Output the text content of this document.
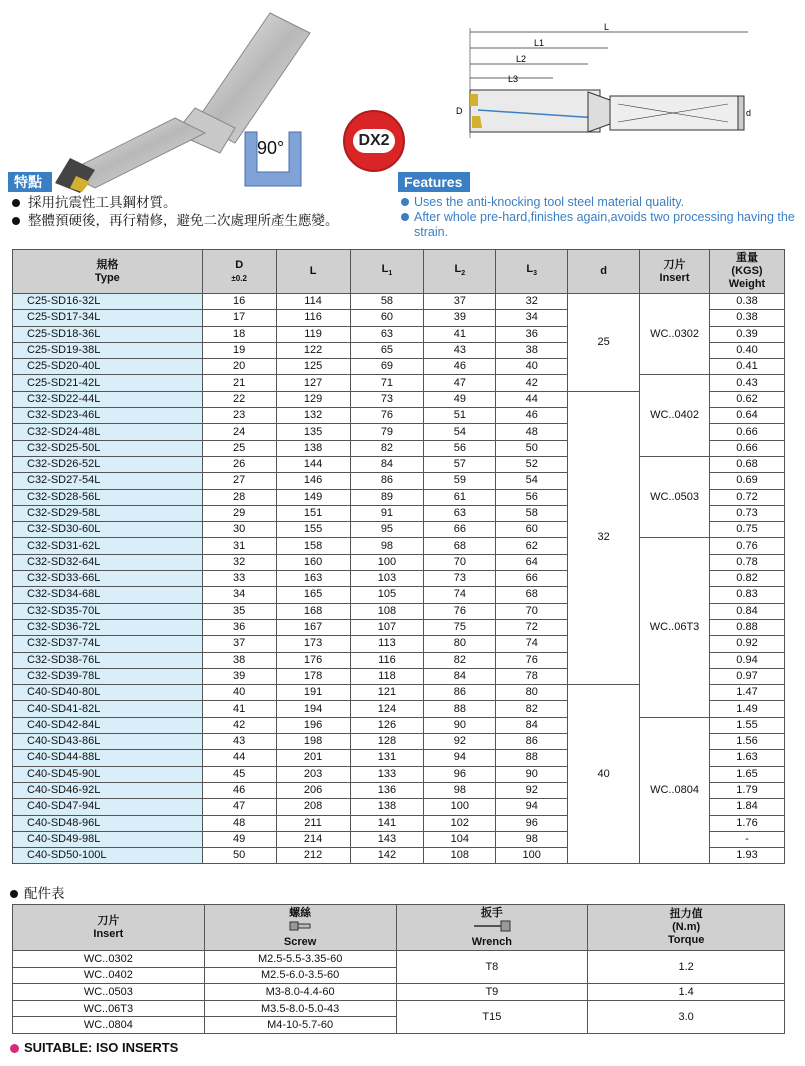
90°	DX2
L
L1
L2
L3
D	d
特點	Features
採用抗震性工具鋼材質。
整體預硬後，再行精修，避免二次處理所產生應變。
Uses the anti-knocking tool steel material quality.
After whole pre-hard,finishes again,avoids two processing having the strain.
規格
Type	D
±0.2	L	$L_1$	$L_2$	$L_3$	d	刀片
Insert	重量
(KGS)
Weight
C25-SD16-32L	16	114	58	37	32	25	WC..0302	0.38
C25-SD17-34L	17	116	60	39	34			0.38
C25-SD18-36L	18	119	63	41	36			0.39
C25-SD19-38L	19	122	65	43	38			0.40
C25-SD20-40L	20	125	69	46	40			0.41
C25-SD21-42L	21	127	71	47	42		WC..0402	0.43
C32-SD22-44L	22	129	73	49	44	32		0.62
C32-SD23-46L	23	132	76	51	46			0.64
C32-SD24-48L	24	135	79	54	48			0.66
C32-SD25-50L	25	138	82	56	50			0.66
C32-SD26-52L	26	144	84	57	52		WC..0503	0.68
C32-SD27-54L	27	146	86	59	54			0.69
C32-SD28-56L	28	149	89	61	56			0.72
C32-SD29-58L	29	151	91	63	58			0.73
C32-SD30-60L	30	155	95	66	60			0.75
C32-SD31-62L	31	158	98	68	62		WC..06T3	0.76
C32-SD32-64L	32	160	100	70	64			0.78
C32-SD33-66L	33	163	103	73	66			0.82
C32-SD34-68L	34	165	105	74	68			0.83
C32-SD35-70L	35	168	108	76	70			0.84
C32-SD36-72L	36	167	107	75	72			0.88
C32-SD37-74L	37	173	113	80	74			0.92
C32-SD38-76L	38	176	116	82	76			0.94
C32-SD39-78L	39	178	118	84	78			0.97
C40-SD40-80L	40	191	121	86	80	40		1.47
C40-SD41-82L	41	194	124	88	82			1.49
C40-SD42-84L	42	196	126	90	84		WC..0804	1.55
C40-SD43-86L	43	198	128	92	86			1.56
C40-SD44-88L	44	201	131	94	88			1.63
C40-SD45-90L	45	203	133	96	90			1.65
C40-SD46-92L	46	206	136	98	92			1.79
C40-SD47-94L	47	208	138	100	94			1.84
C40-SD48-96L	48	211	141	102	96			1.76
C40-SD49-98L	49	214	143	104	98			-
C40-SD50-100L	50	212	142	108	100			1.93
配件表
刀片
Insert	螺絲

Screw	扳手

Wrench	扭力值
(N.m)
Torque
WC..0302	M2.5-5.5-3.35-60	T8	1.2
WC..0402	M2.5-6.0-3.5-60		
WC..0503	M3-8.0-4.4-60	T9	1.4
WC..06T3	M3.5-8.0-5.0-43	T15	3.0
WC..0804	M4-10-5.7-60		
SUITABLE: ISO INSERTS
